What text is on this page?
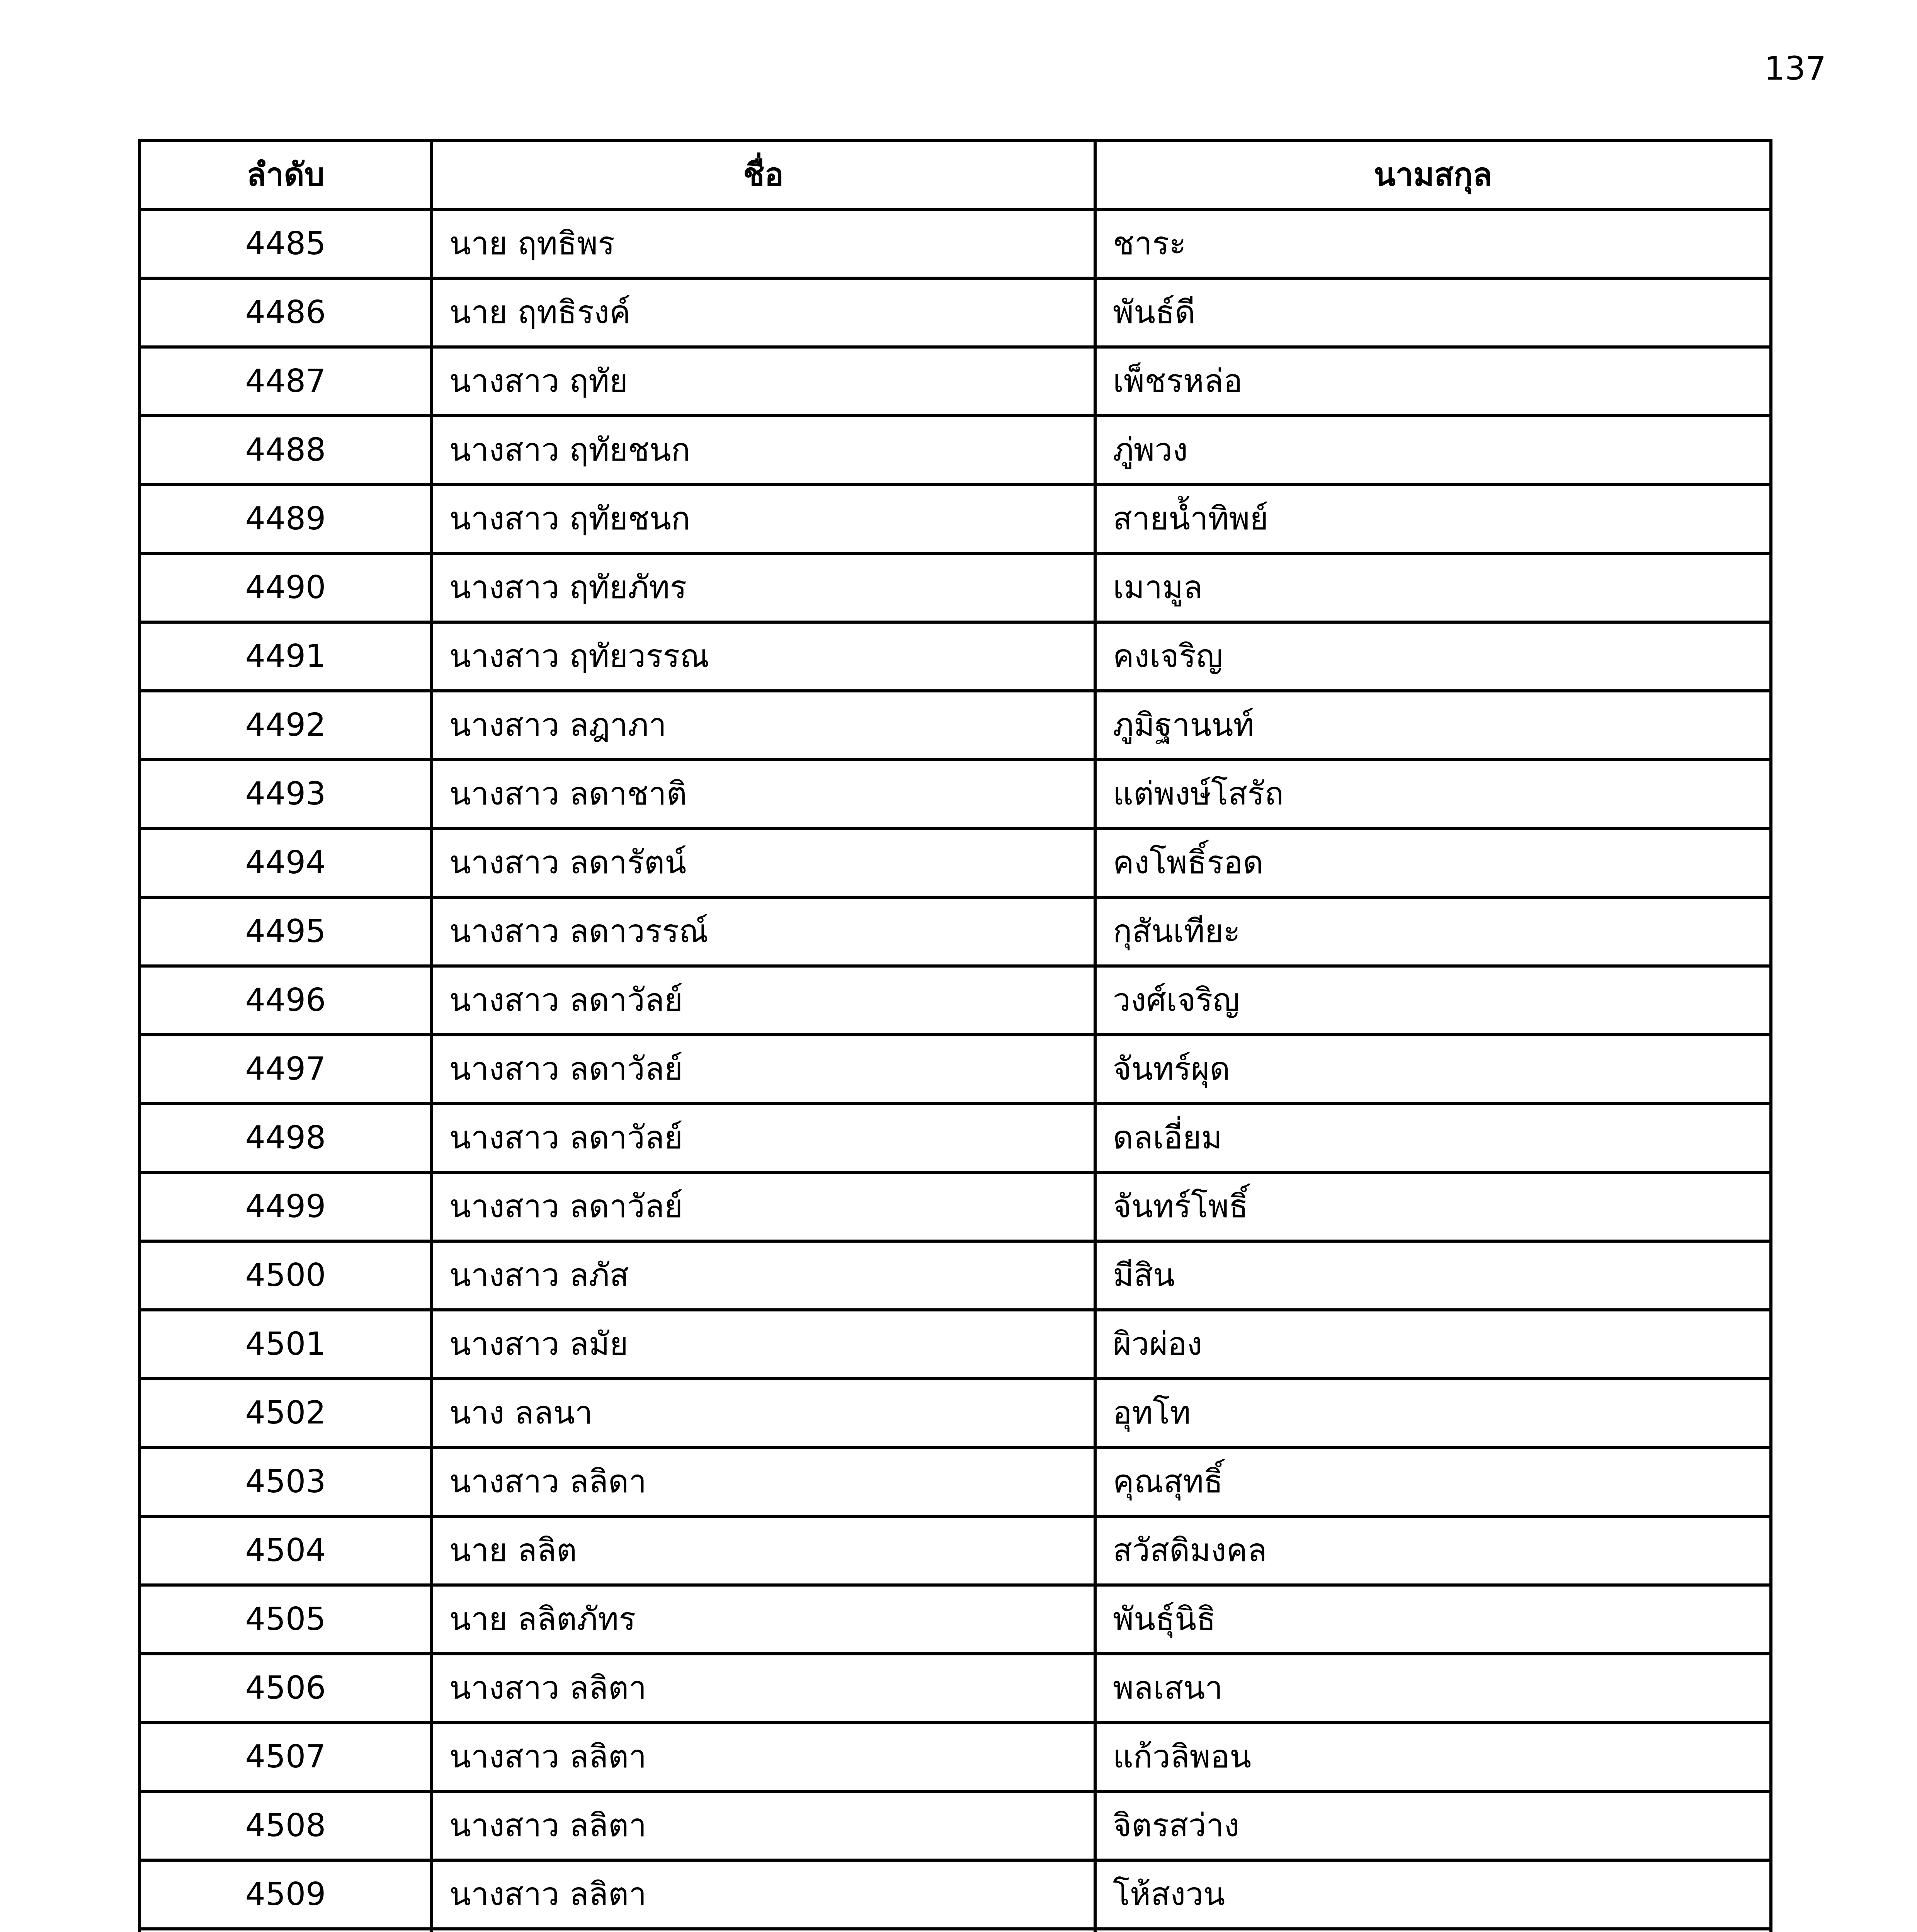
137
ลำดับ	ชื่อ	นามสกุล
4485	นาย ฤทธิพร	ชาระ
4486	นาย ฤทธิรงค์	พันธ์ดี
4487	นางสาว ฤทัย	เพ็ชรหล่อ
4488	นางสาว ฤทัยชนก	ภู่พวง
4489	นางสาว ฤทัยชนก	สายน้ำทิพย์
4490	นางสาว ฤทัยภัทร	เมามูล
4491	นางสาว ฤทัยวรรณ	คงเจริญ
4492	นางสาว ลฎาภา	ภูมิฐานนท์
4493	นางสาว ลดาชาติ	แต่พงษ์โสรัถ
4494	นางสาว ลดารัตน์	คงโพธิ์รอด
4495	นางสาว ลดาวรรณ์	กุสันเทียะ
4496	นางสาว ลดาวัลย์	วงศ์เจริญ
4497	นางสาว ลดาวัลย์	จันทร์ผุด
4498	นางสาว ลดาวัลย์	ดลเอี่ยม
4499	นางสาว ลดาวัลย์	จันทร์โพธิ์
4500	นางสาว ลภัส	มีสิน
4501	นางสาว ลมัย	ผิวผ่อง
4502	นาง ลลนา	อุทโท
4503	นางสาว ลลิดา	คุณสุทธิ์
4504	นาย ลลิต	สวัสดิมงคล
4505	นาย ลลิตภัทร	พันธุ์นิธิ
4506	นางสาว ลลิตา	พลเสนา
4507	นางสาว ลลิตา	แก้วลิพอน
4508	นางสาว ลลิตา	จิตรสว่าง
4509	นางสาว ลลิตา	โห้สงวน
